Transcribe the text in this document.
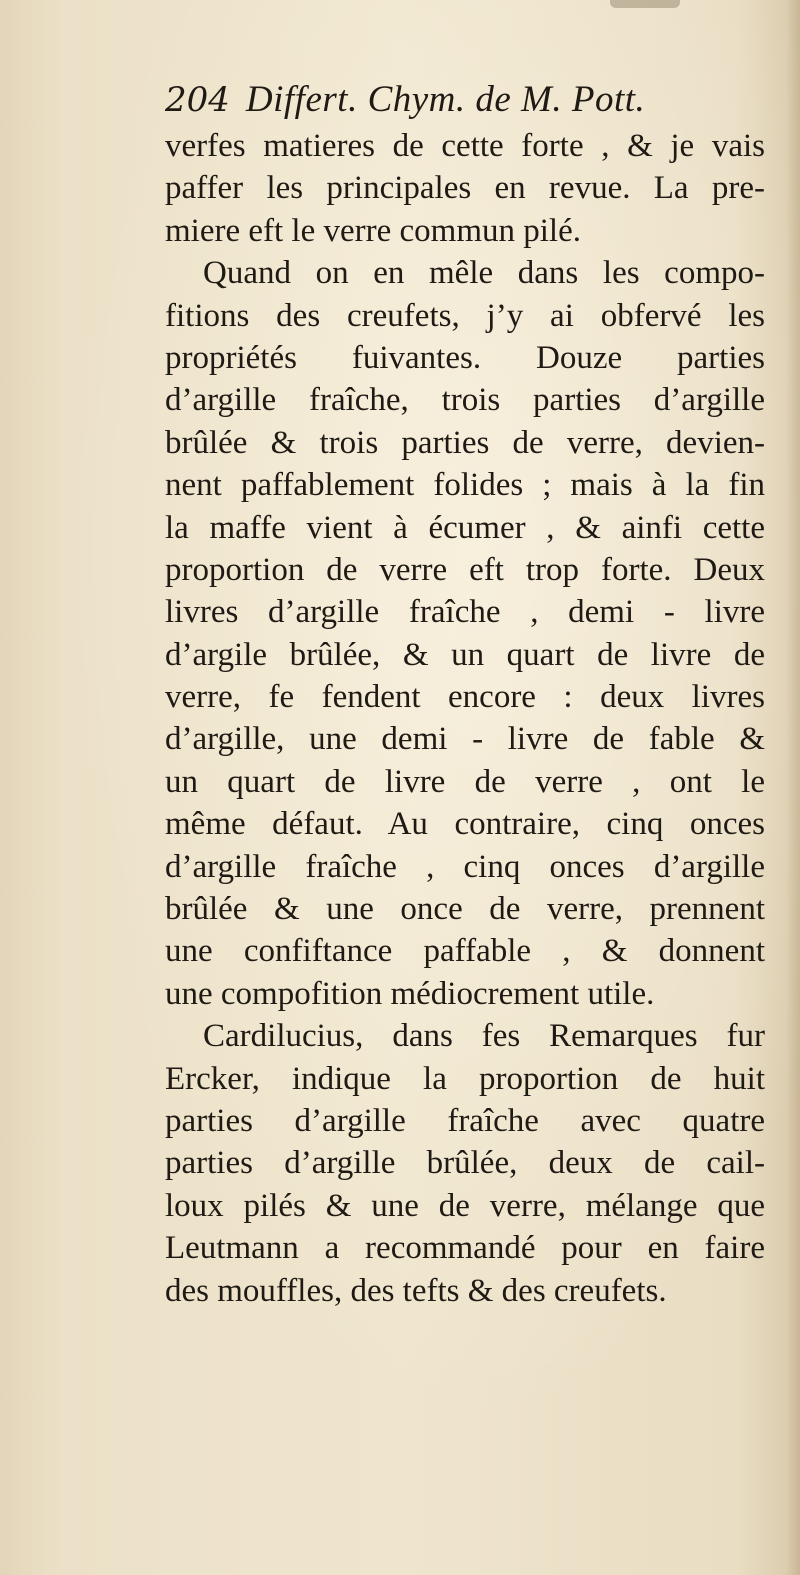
204 Differt. Chym. de M. Pott.
verfes matieres de cette forte , & je vais
paffer les principales en revue. La pre-
miere eft le verre commun pilé.
Quand on en mêle dans les compo-
fitions des creufets, j’y ai obfervé les
propriétés fuivantes. Douze parties
d’argille fraîche, trois parties d’argille
brûlée & trois parties de verre, devien-
nent paffablement folides ; mais à la fin
la maffe vient à écumer , & ainfi cette
proportion de verre eft trop forte. Deux
livres d’argille fraîche , demi - livre
d’argile brûlée, & un quart de livre de
verre, fe fendent encore : deux livres
d’argille, une demi - livre de fable &
un quart de livre de verre , ont le
même défaut. Au contraire, cinq onces
d’argille fraîche , cinq onces d’argille
brûlée & une once de verre, prennent
une confiftance paffable , & donnent
une compofition médiocrement utile.
Cardilucius, dans fes Remarques fur
Ercker, indique la proportion de huit
parties d’argille fraîche avec quatre
parties d’argille brûlée, deux de cail-
loux pilés & une de verre, mélange que
Leutmann a recommandé pour en faire
des mouffles, des tefts & des creufets.
